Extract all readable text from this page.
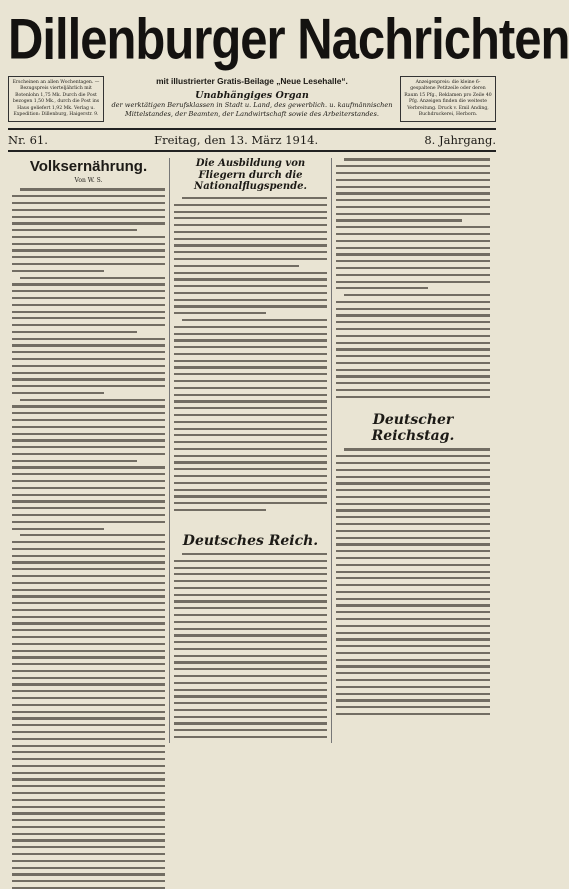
Dillenburger Nachrichten
Erscheinen an allen Wochentagen. — Bezugspreis vierteljährlich mit Botenlohn 1,75 Mk. Durch die Post bezogen 1,50 Mk., durch die Post ins Haus geliefert 1,92 Mk. Verlag u. Expedition: Dillenburg, Haigerstr. 9.
mit illustrierter Gratis-Beilage „Neue Lesehalle“.
Unabhängiges Organ
der werktätigen Berufsklassen in Stadt u. Land, des gewerblich. u. kaufmännischen
Mittelstandes, der Beamten, der Landwirtschaft sowie des Arbeiterstandes.
Anzeigenpreis: die kleine 6-gespaltene Petitzeile oder deren Raum 15 Pfg., Reklamen pro Zeile 40 Pfg. Anzeigen finden die weiteste Verbreitung. Druck v. Emil Anding, Buchdruckerei, Herborn.
Nr. 61.	Freitag, den 13. März 1914.	8. Jahrgang.
Volksernährung.
Von W. S.
Die Ausbildung von Fliegern durch die Nationalflugspende.
Deutsches Reich.
Deutscher Reichstag.
